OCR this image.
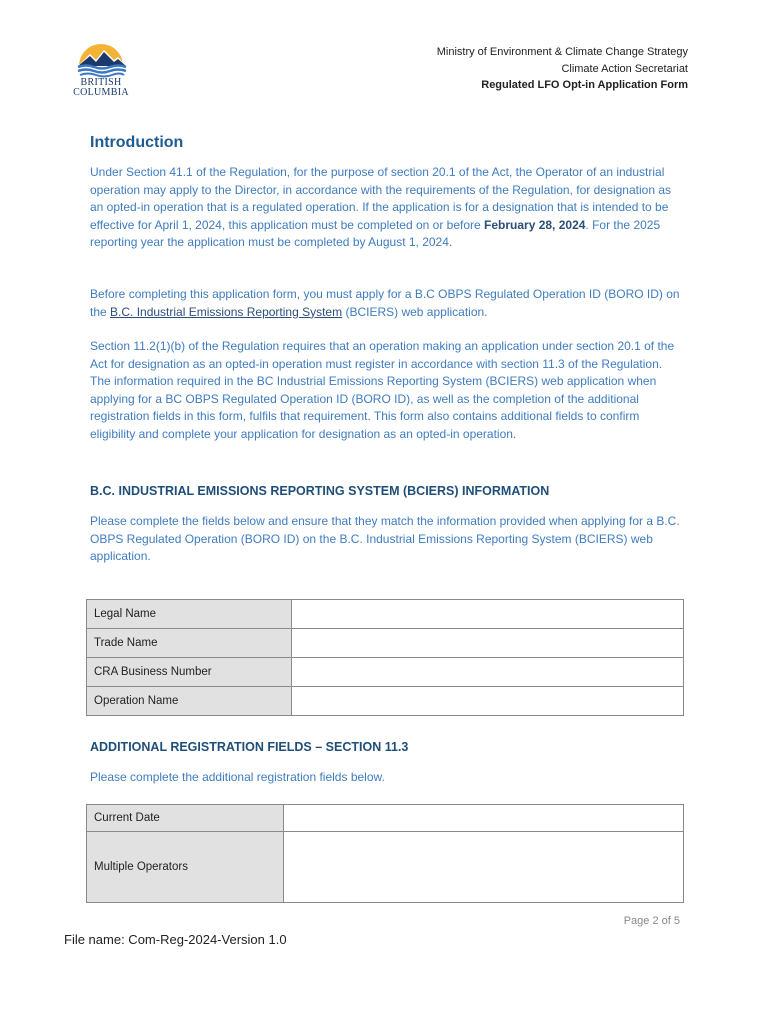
BRITISH
COLUMBIA
Ministry of Environment & Climate Change Strategy
Climate Action Secretariat
Regulated LFO Opt-in Application Form
Introduction

Under Section 41.1 of the Regulation, for the purpose of section 20.1 of the Act, the Operator of an industrial operation may apply to the Director, in accordance with the requirements of the Regulation, for designation as an opted-in operation that is a regulated operation. If the application is for a designation that is intended to be effective for April 1, 2024, this application must be completed on or before February 28, 2024. For the 2025 reporting year the application must be completed by August 1, 2024.

Before completing this application form, you must apply for a B.C OBPS Regulated Operation ID (BORO ID) on the B.C. Industrial Emissions Reporting System (BCIERS) web application.

Section 11.2(1)(b) of the Regulation requires that an operation making an application under section 20.1 of the Act for designation as an opted-in operation must register in accordance with section 11.3 of the Regulation. The information required in the BC Industrial Emissions Reporting System (BCIERS) web application when applying for a BC OBPS Regulated Operation ID (BORO ID), as well as the completion of the additional registration fields in this form, fulfils that requirement. This form also contains additional fields to confirm eligibility and complete your application for designation as an opted-in operation.

B.C. INDUSTRIAL EMISSIONS REPORTING SYSTEM (BCIERS) INFORMATION

Please complete the fields below and ensure that they match the information provided when applying for a B.C. OBPS Regulated Operation (BORO ID) on the B.C. Industrial Emissions Reporting System (BCIERS) web application.

Legal Name	
Trade Name	
CRA Business Number	
Operation Name	
ADDITIONAL REGISTRATION FIELDS – SECTION 11.3

Please complete the additional registration fields below.

Current Date	
Multiple Operators	
Page 2 of 5
File name: Com-Reg-2024-Version 1.0
